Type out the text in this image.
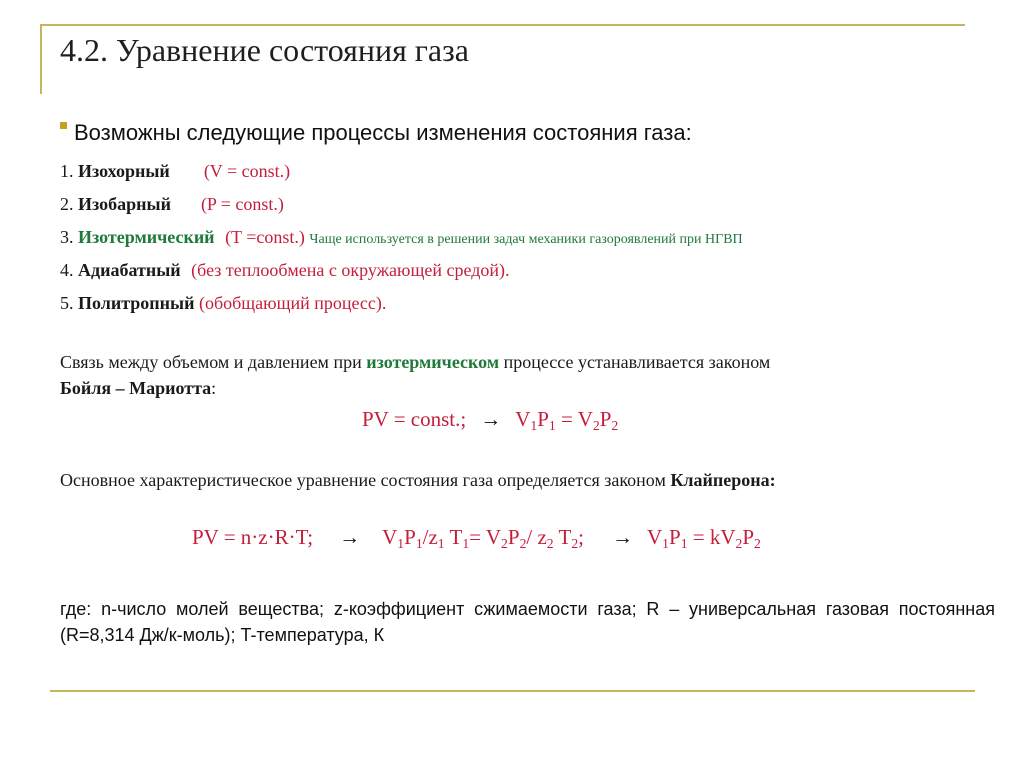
4.2. Уравнение состояния газа
Возможны следующие процессы изменения состояния газа:
1. Изохорный (V = const.)
2. Изобарный (P = const.)
3. Изотермический (T =const.) Чаще используется в решении задач механики газороявлений при НГВП
4. Адиабатный (без теплообмена с окружающей средой).
5. Политропный (обобщающий процесс).
Связь между объемом и давлением при изотермическом процессе устанавливается законом
Бойля – Мариотта:
PV = const.; → $V_1P_1 = V_2P_2$
Основное характеристическое уравнение состояния газа определяется законом Клайперона:
PV = n·z·R·T; → $V_1P_1/z_1$ $T_1= V_2P_2/$ $z_2$ $T_2$; → $V_1P_1 = kV_2P_2$
где: n-число молей вещества; z-коэффициент сжимаемости газа; R – универсальная газовая постоянная (R=8,314 Дж/к-моль); T-температура, К
